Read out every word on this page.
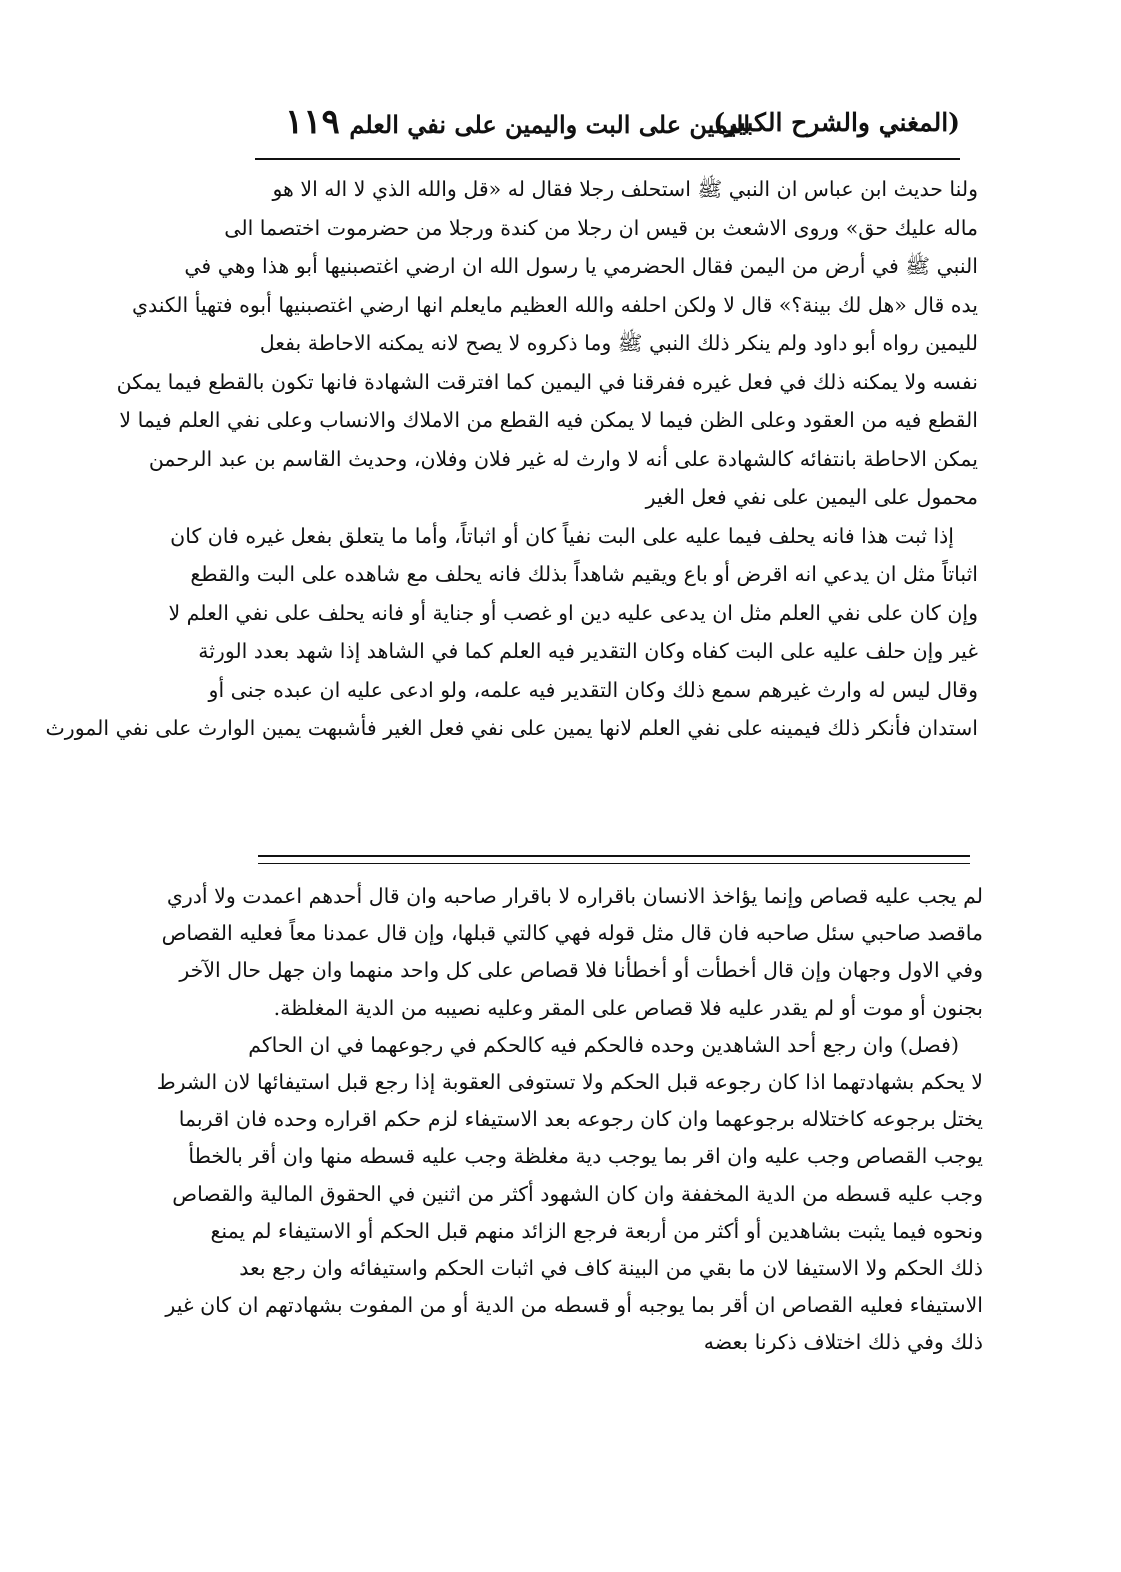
(المغني والشرح الكبير)
اليمين على البت واليمين على نفي العلم
١١٩

ولنا حديث ابن عباس ان النبي ﷺ استحلف رجلا فقال له «قل والله الذي لا اله الا هو
ماله عليك حق» وروى الاشعث بن قيس ان رجلا من كندة ورجلا من حضرموت اختصما الى
النبي ﷺ في أرض من اليمن فقال الحضرمي يا رسول الله ان ارضي اغتصبنيها أبو هذا وهي في
يده قال «هل لك بينة؟» قال لا ولكن احلفه والله العظيم مايعلم انها ارضي اغتصبنيها أبوه فتهيأ الكندي
لليمين رواه أبو داود ولم ينكر ذلك النبي ﷺ وما ذكروه لا يصح لانه يمكنه الاحاطة بفعل
نفسه ولا يمكنه ذلك في فعل غيره ففرقنا في اليمين كما افترقت الشهادة فانها تكون بالقطع فيما يمكن
القطع فيه من العقود وعلى الظن فيما لا يمكن فيه القطع من الاملاك والانساب وعلى نفي العلم فيما لا
يمكن الاحاطة بانتفائه كالشهادة على أنه لا وارث له غير فلان وفلان، وحديث القاسم بن عبد الرحمن
محمول على اليمين على نفي فعل الغير

إذا ثبت هذا فانه يحلف فيما عليه على البت نفياً كان أو اثباتاً، وأما ما يتعلق بفعل غيره فان كان
اثباتاً مثل ان يدعي انه اقرض أو باع ويقيم شاهداً بذلك فانه يحلف مع شاهده على البت والقطع
وإن كان على نفي العلم مثل ان يدعى عليه دين او غصب أو جناية أو فانه يحلف على نفي العلم لا
غير وإن حلف عليه على البت كفاه وكان التقدير فيه العلم كما في الشاهد إذا شهد بعدد الورثة
وقال ليس له وارث غيرهم سمع ذلك وكان التقدير فيه علمه، ولو ادعى عليه ان عبده جنى أو
استدان فأنكر ذلك فيمينه على نفي العلم لانها يمين على نفي فعل الغير فأشبهت يمين الوارث على نفي المورث

لم يجب عليه قصاص وإنما يؤاخذ الانسان باقراره لا باقرار صاحبه وان قال أحدهم اعمدت ولا أدري
ماقصد صاحبي سئل صاحبه فان قال مثل قوله فهي كالتي قبلها، وإن قال عمدنا معاً فعليه القصاص
وفي الاول وجهان وإن قال أخطأت أو أخطأنا فلا قصاص على كل واحد منهما وان جهل حال الآخر
بجنون أو موت أو لم يقدر عليه فلا قصاص على المقر وعليه نصيبه من الدية المغلظة.

(فصل) وان رجع أحد الشاهدين وحده فالحكم فيه كالحكم في رجوعهما في ان الحاكم
لا يحكم بشهادتهما اذا كان رجوعه قبل الحكم ولا تستوفى العقوبة إذا رجع قبل استيفائها لان الشرط
يختل برجوعه كاختلاله برجوعهما وان كان رجوعه بعد الاستيفاء لزم حكم اقراره وحده فان اقربما
يوجب القصاص وجب عليه وان اقر بما يوجب دية مغلظة وجب عليه قسطه منها وان أقر بالخطأ
وجب عليه قسطه من الدية المخففة وان كان الشهود أكثر من اثنين في الحقوق المالية والقصاص
ونحوه فيما يثبت بشاهدين أو أكثر من أربعة فرجع الزائد منهم قبل الحكم أو الاستيفاء لم يمنع
ذلك الحكم ولا الاستيفا لان ما بقي من البينة كاف في اثبات الحكم واستيفائه وان رجع بعد
الاستيفاء فعليه القصاص ان أقر بما يوجبه أو قسطه من الدية أو من المفوت بشهادتهم ان كان غير
ذلك وفي ذلك اختلاف ذكرنا بعضه
